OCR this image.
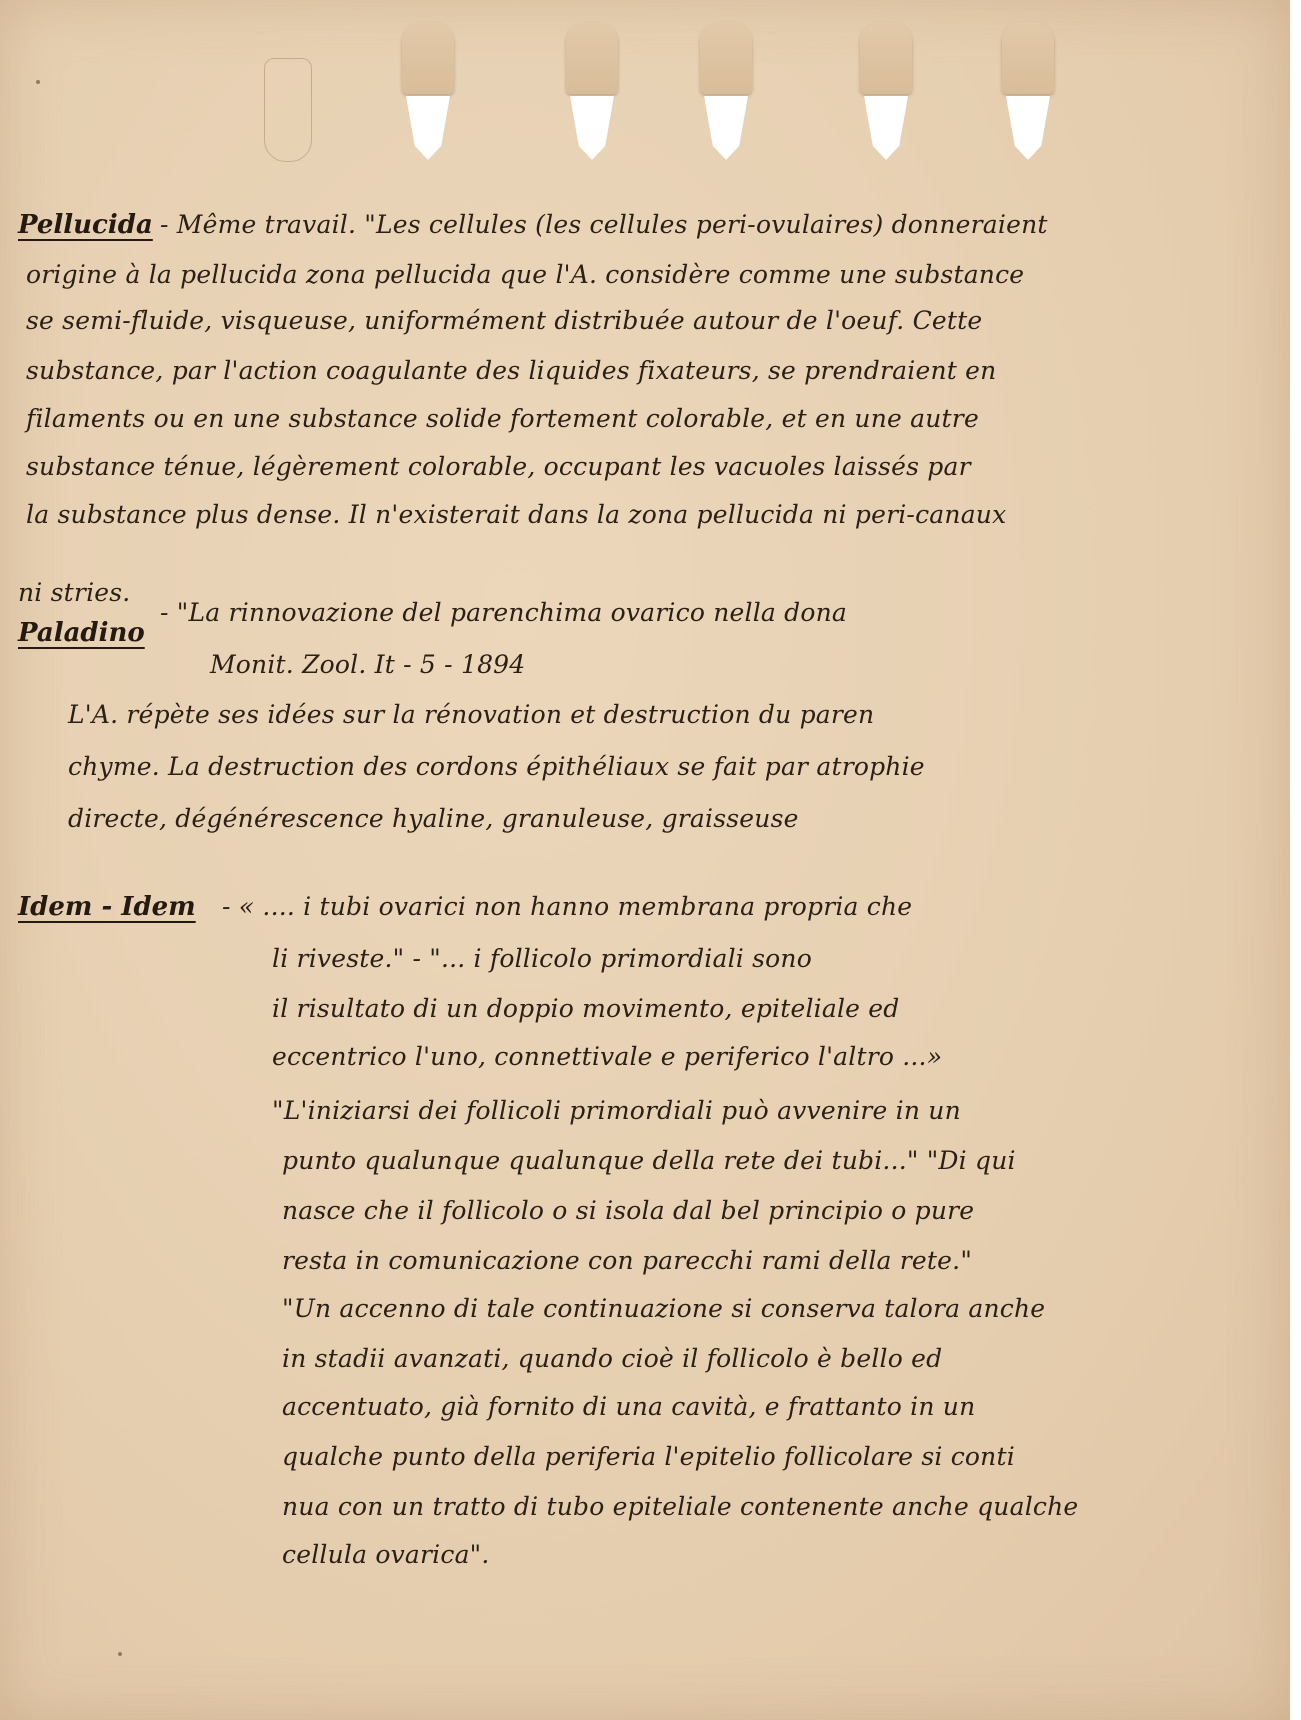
Pellucida - Même travail. "Les cellules (les cellules peri-ovulaires) donneraient

origine à la pellucida zona pellucida que l'A. considère comme une substance

se semi-fluide, visqueuse, uniformément distribuée autour de l'oeuf. Cette

substance, par l'action coagulante des liquides fixateurs, se prendraient en

filaments ou en une substance solide fortement colorable, et en une autre

substance ténue, légèrement colorable, occupant les vacuoles laissés par

la substance plus dense. Il n'existerait dans la zona pellucida ni peri-canaux

ni stries.

Paladino

- "La rinnovazione del parenchima ovarico nella dona

Monit. Zool. It - 5 - 1894

L'A. répète ses idées sur la rénovation et destruction du paren

chyme. La destruction des cordons épithéliaux se fait par atrophie

directe, dégénérescence hyaline, granuleuse, graisseuse

Idem - Idem - « .... i tubi ovarici non hanno membrana propria che

li riveste." - "... i follicolo primordiali sono

il risultato di un doppio movimento, epiteliale ed

eccentrico l'uno, connettivale e periferico l'altro ...»

"L'iniziarsi dei follicoli primordiali può avvenire in un

punto qualunque qualunque della rete dei tubi..." "Di qui

nasce che il follicolo o si isola dal bel principio o pure

resta in comunicazione con parecchi rami della rete."

"Un accenno di tale continuazione si conserva talora anche

in stadii avanzati, quando cioè il follicolo è bello ed

accentuato, già fornito di una cavità, e frattanto in un

qualche punto della periferia l'epitelio follicolare si conti

nua con un tratto di tubo epiteliale contenente anche qualche

cellula ovarica".
